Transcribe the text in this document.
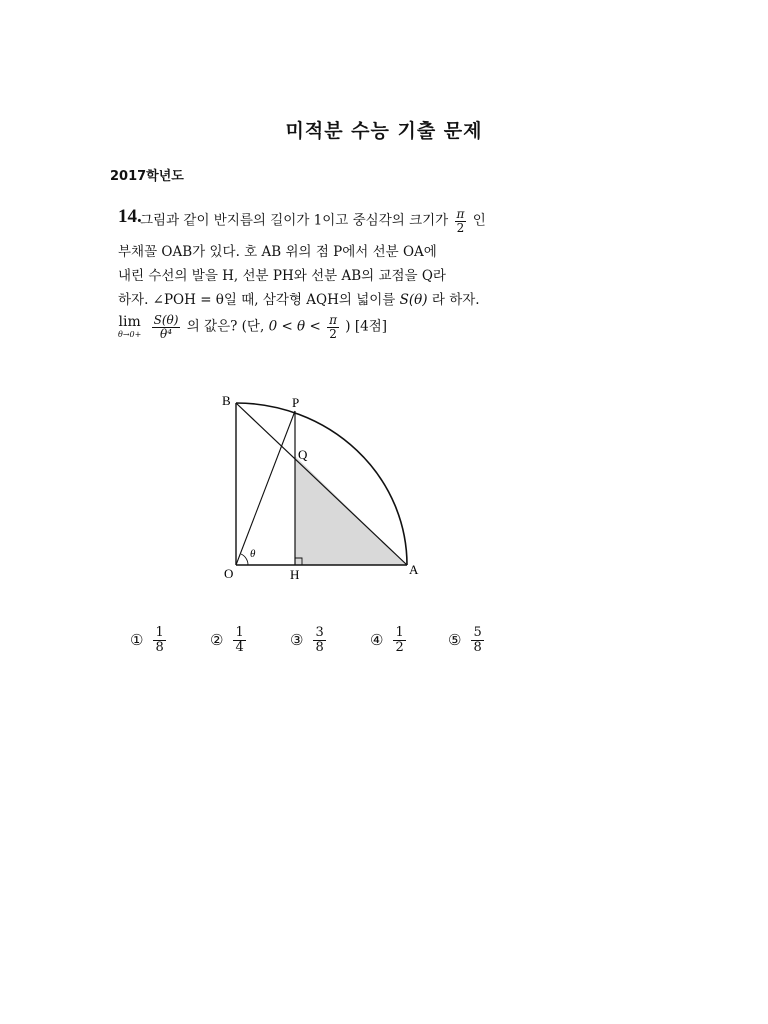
미적분 수능 기출 문제
2017학년도
14.
그림과 같이 반지름의 길이가 1이고 중심각의 크기가 $\frac{\pi}{2}$ 인
부채꼴 OAB가 있다. 호 AB 위의 점 P에서 선분 OA에
내린 수선의 발을 H, 선분 PH와 선분 AB의 교점을 Q라
하자. ∠POH = θ일 때, 삼각형 AQH의 넓이를 S(θ) 라 하자.
lim
θ→0+
$\frac{S(\theta)}{\text{θ⁴}}$ 의 값은? (단, $0 < \theta < \frac{\pi}{2}$ ) [4점]
B	P
Q
O	H	A
θ
① $\frac{1}{8}$	② $\frac{1}{4}$	③ $\frac{3}{8}$	④ $\frac{1}{2}$	⑤ $\frac{5}{8}$
